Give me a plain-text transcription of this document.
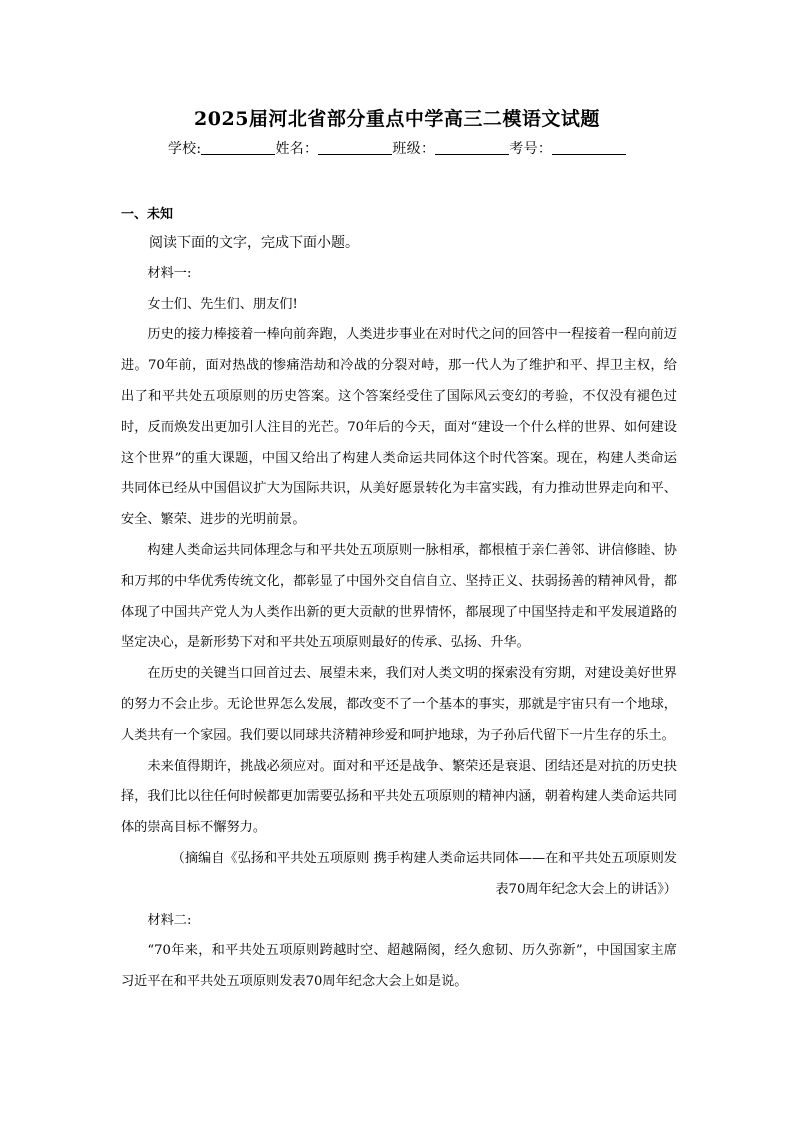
2025届河北省部分重点中学高三二模语文试题
学校:	姓名：	班级：	考号：
一、未知

阅读下面的文字，完成下面小题。

材料一:

女士们、先生们、朋友们!

历史的接力棒接着一棒向前奔跑，人类进步事业在对时代之问的回答中一程接着一程向前迈进。70年前，面对热战的惨痛浩劫和冷战的分裂对峙，那一代人为了维护和平、捍卫主权，给出了和平共处五项原则的历史答案。这个答案经受住了国际风云变幻的考验，不仅没有褪色过时，反而焕发出更加引人注目的光芒。70年后的今天，面对“建设一个什么样的世界、如何建设这个世界”的重大课题，中国又给出了构建人类命运共同体这个时代答案。现在，构建人类命运共同体已经从中国倡议扩大为国际共识，从美好愿景转化为丰富实践，有力推动世界走向和平、安全、繁荣、进步的光明前景。

构建人类命运共同体理念与和平共处五项原则一脉相承，都根植于亲仁善邻、讲信修睦、协和万邦的中华优秀传统文化，都彰显了中国外交自信自立、坚持正义、扶弱扬善的精神风骨，都体现了中国共产党人为人类作出新的更大贡献的世界情怀，都展现了中国坚持走和平发展道路的坚定决心，是新形势下对和平共处五项原则最好的传承、弘扬、升华。

在历史的关键当口回首过去、展望未来，我们对人类文明的探索没有穷期，对建设美好世界的努力不会止步。无论世界怎么发展，都改变不了一个基本的事实，那就是宇宙只有一个地球，人类共有一个家园。我们要以同球共济精神珍爱和呵护地球，为子孙后代留下一片生存的乐土。

未来值得期许，挑战必须应对。面对和平还是战争、繁荣还是衰退、团结还是对抗的历史抉择，我们比以往任何时候都更加需要弘扬和平共处五项原则的精神内涵，朝着构建人类命运共同体的崇高目标不懈努力。

（摘编自《弘扬和平共处五项原则 携手构建人类命运共同体——在和平共处五项原则发表70周年纪念大会上的讲话》）

材料二:

“70年来，和平共处五项原则跨越时空、超越隔阂，经久愈韧、历久弥新”，中国国家主席习近平在和平共处五项原则发表70周年纪念大会上如是说。
